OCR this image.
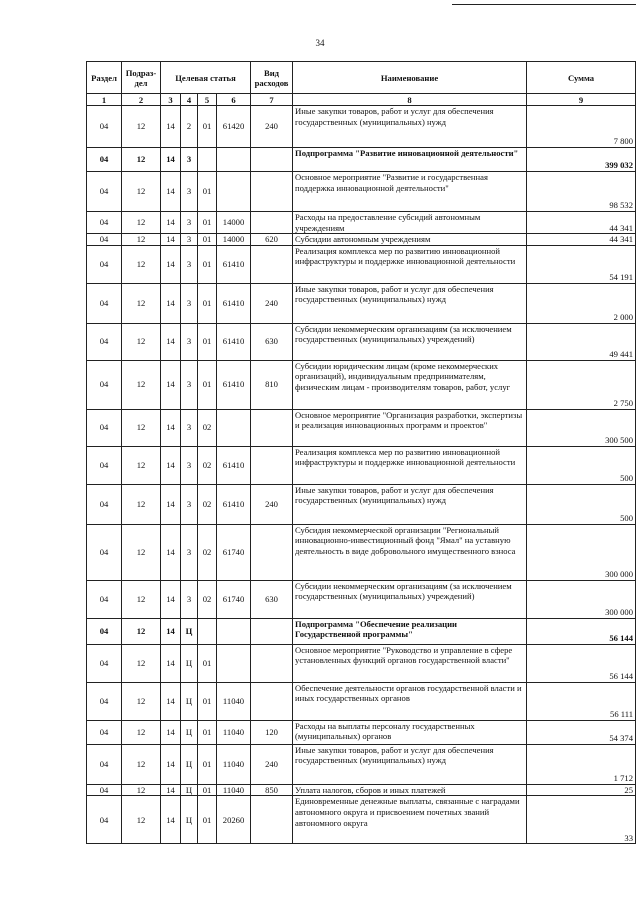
34
Раздел	Подраз-
дел	Целевая статья				Вид расходов	Наименование	Сумма
1	2	3	4	5	6	7	8	9
04	12	14	2	01	61420	240	Иные закупки товаров, работ и услуг для обеспечения государственных (муниципальных) нужд	7 800
04	12	14	3				Подпрограмма "Развитие инновационной деятельности"	399 032
04	12	14	3	01			Основное мероприятие "Развитие и государственная поддержка инновационной деятельности"	98 532
04	12	14	3	01	14000		Расходы на предоставление субсидий автономным учреждениям	44 341
04	12	14	3	01	14000	620	Субсидии автономным учреждениям	44 341
04	12	14	3	01	61410		Реализация комплекса мер по развитию инновационной инфраструктуры и поддержке инновационной деятельности	54 191
04	12	14	3	01	61410	240	Иные закупки товаров, работ и услуг для обеспечения государственных (муниципальных) нужд	2 000
04	12	14	3	01	61410	630	Субсидии некоммерческим организациям (за исключением государственных (муниципальных) учреждений)	49 441
04	12	14	3	01	61410	810	Субсидии юридическим лицам (кроме некоммерческих организаций), индивидуальным предпринимателям, физическим лицам - производителям товаров, работ, услуг	2 750
04	12	14	3	02			Основное мероприятие "Организация разработки, экспертизы и реализация инновационных программ и проектов"	300 500
04	12	14	3	02	61410		Реализация комплекса мер по развитию инновационной инфраструктуры и поддержке инновационной деятельности	500
04	12	14	3	02	61410	240	Иные закупки товаров, работ и услуг для обеспечения государственных (муниципальных) нужд	500
04	12	14	3	02	61740		Субсидия некоммерческой организации "Региональный инновационно-инвестиционный фонд "Ямал" на уставную деятельность в виде добровольного имущественного взноса	300 000
04	12	14	3	02	61740	630	Субсидии некоммерческим организациям (за исключением государственных (муниципальных) учреждений)	300 000
04	12	14	Ц				Подпрограмма "Обеспечение реализации Государственной программы"	56 144
04	12	14	Ц	01			Основное мероприятие "Руководство и управление в сфере установленных функций органов государственной власти"	56 144
04	12	14	Ц	01	11040		Обеспечение деятельности органов государственной власти и иных государственных органов	56 111
04	12	14	Ц	01	11040	120	Расходы на выплаты персоналу государственных (муниципальных) органов	54 374
04	12	14	Ц	01	11040	240	Иные закупки товаров, работ и услуг для обеспечения государственных (муниципальных) нужд	1 712
04	12	14	Ц	01	11040	850	Уплата налогов, сборов и иных платежей	25
04	12	14	Ц	01	20260		Единовременные денежные выплаты, связанные с наградами автономного округа и присвоением почетных званий автономного округа	33
